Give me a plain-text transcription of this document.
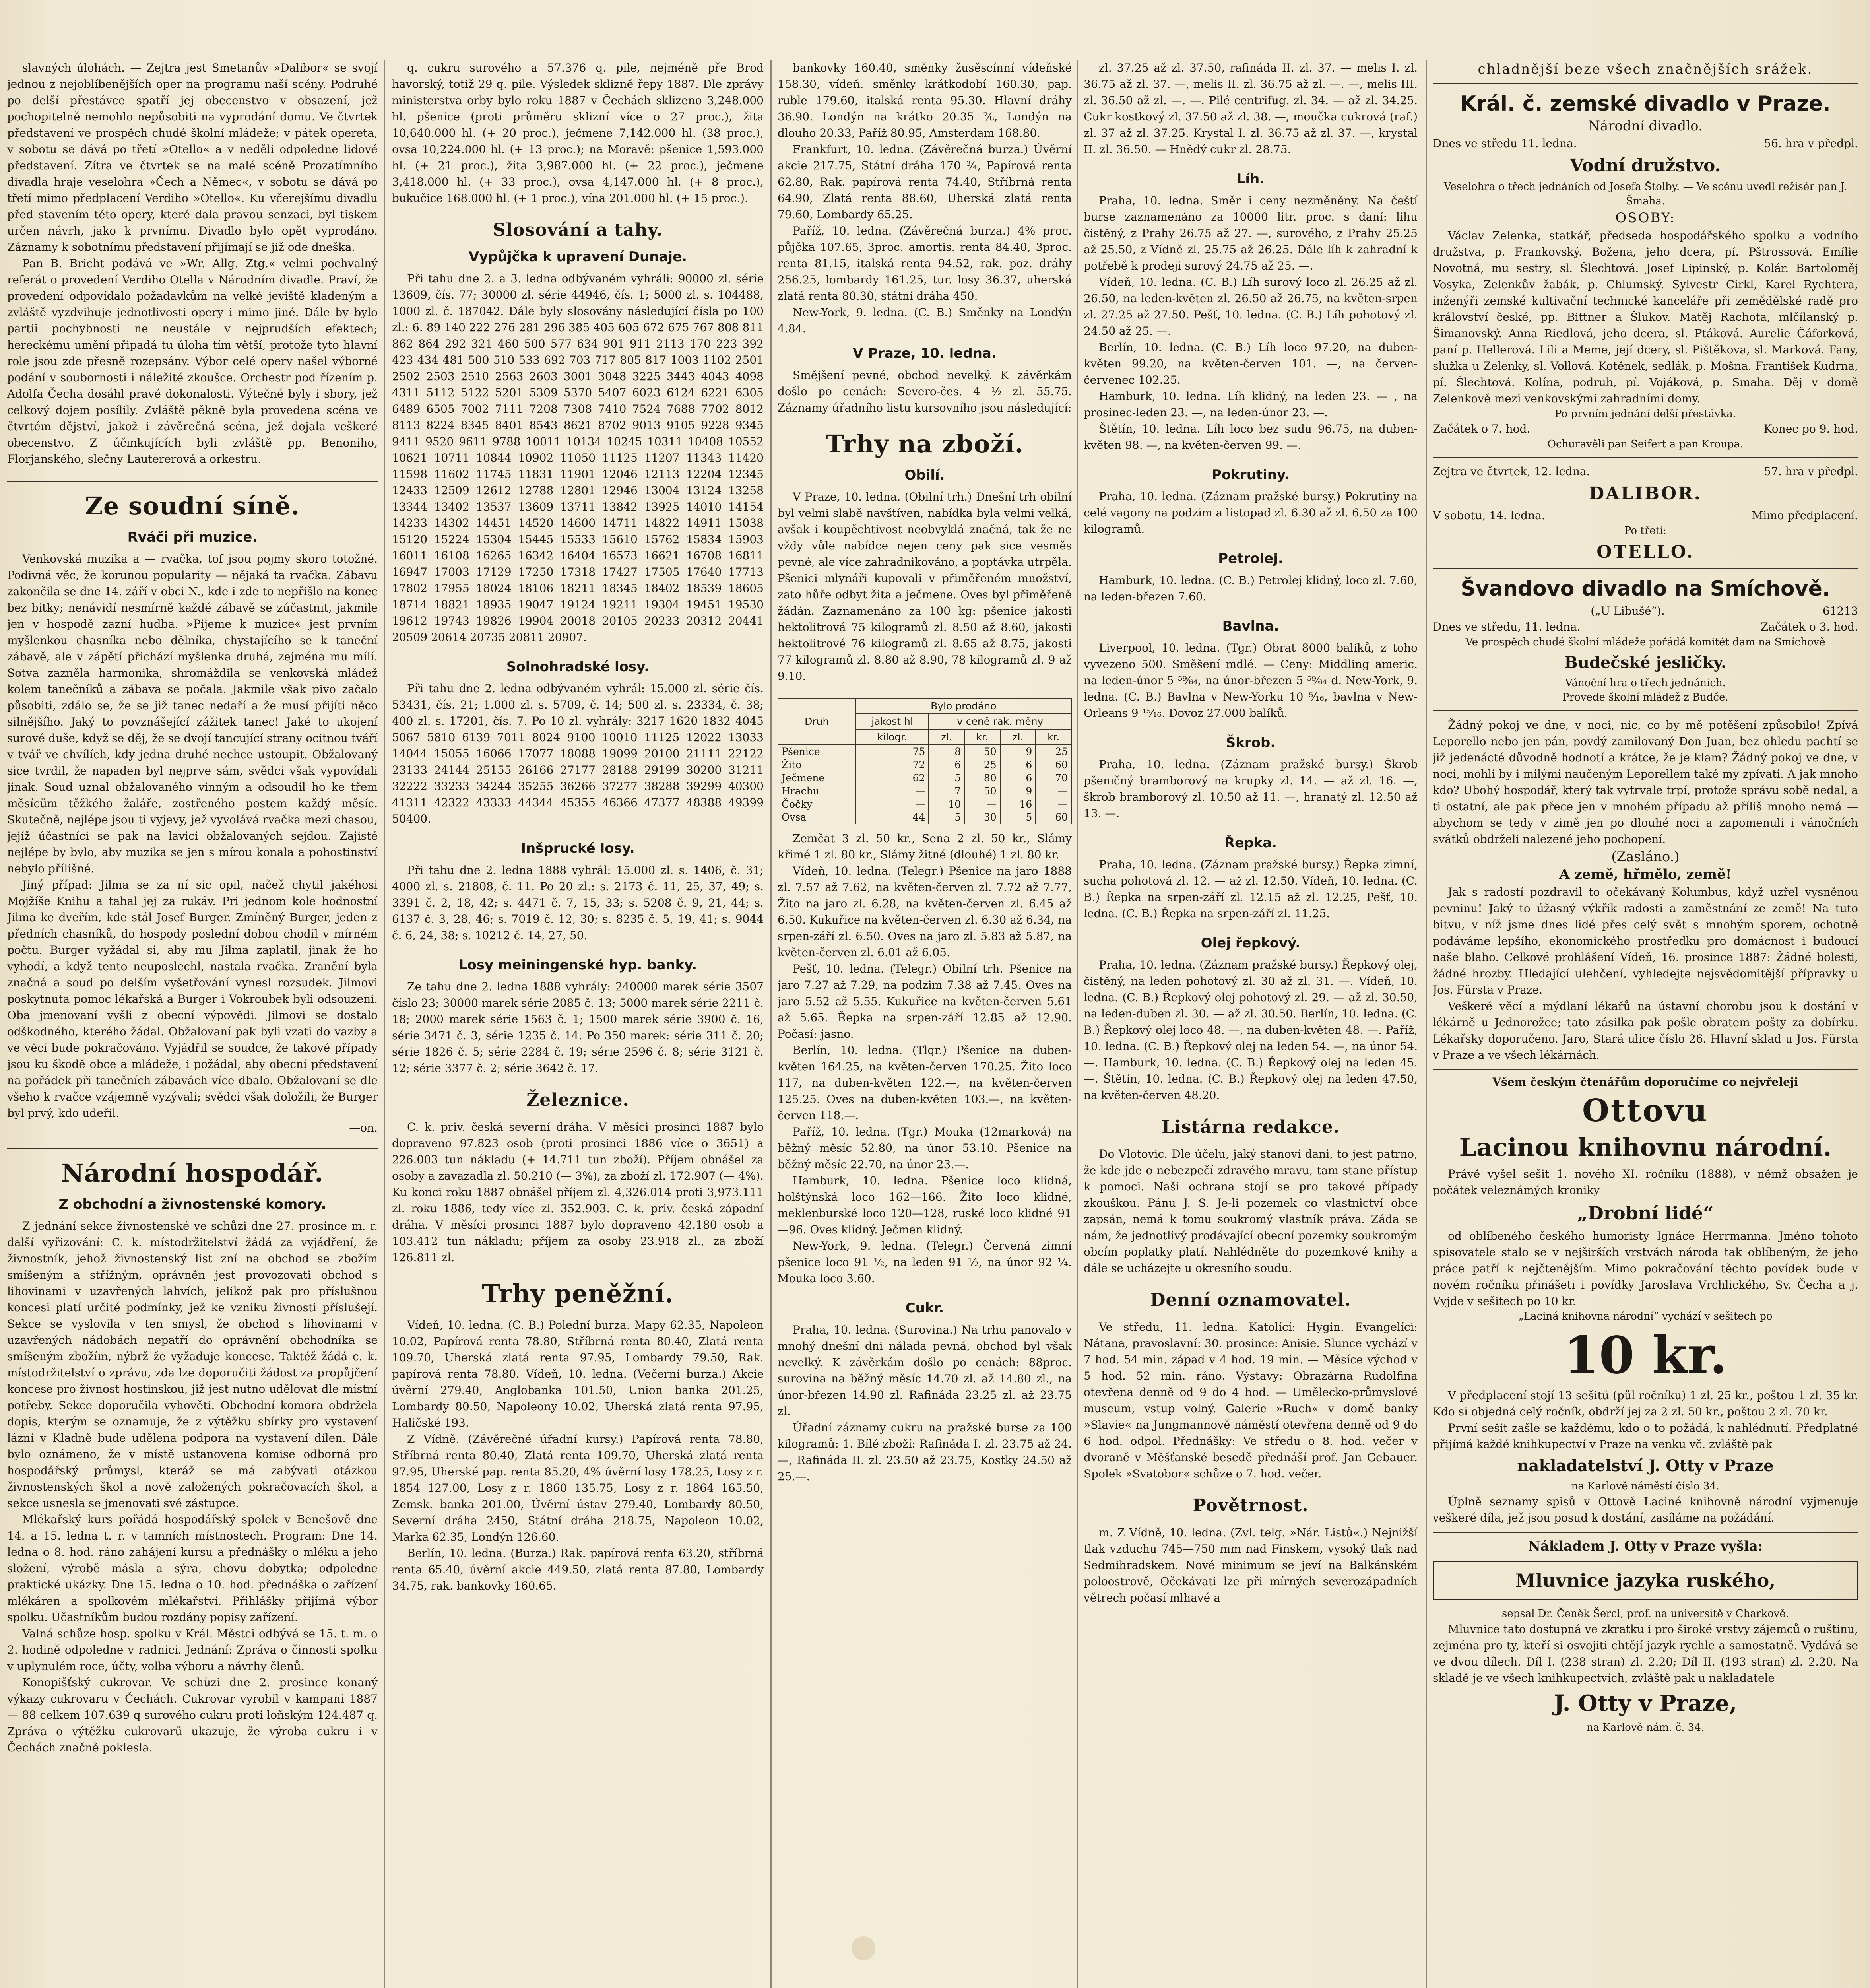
slavných úlohách. — Zejtra jest Smetanův »Dalibor« se svojí jednou z nejoblíbenějších oper na programu naší scény. Podruhé po delší přestávce spatří jej obecenstvo v obsazení, jež pochopitelně nemohlo nepůsobiti na vyprodání domu. Ve čtvrtek představení ve prospěch chudé školní mládeže; v pátek opereta, v sobotu se dává po třetí »Otello« a v neděli odpoledne lidové představení. Zítra ve čtvrtek se na malé scéně Prozatímního divadla hraje veselohra »Čech a Němec«, v sobotu se dává po třetí mimo předplacení Verdiho »Otello«. Ku včerejšímu divadlu před stavením této opery, které dala pravou senzaci, byl tiskem určen návrh, jako k prvnímu. Divadlo bylo opět vyprodáno. Záznamy k sobotnímu představení přijímají se již ode dneška.

Pan B. Bricht podává ve »Wr. Allg. Ztg.« velmi pochvalný referát o provedení Verdiho Otella v Národním divadle. Praví, že provedení odpovídalo požadavkům na velké jeviště kladeným a zvláště vyzdvihuje jednotlivosti opery i mimo jiné. Dále by bylo partii pochybnosti ne neustále v nejprudších efektech; hereckému umění připadá tu úloha tím větší, protože tyto hlavní role jsou zde přesně rozepsány. Výbor celé opery našel výborné podání v soubornosti i náležité zkoušce. Orchestr pod řízením p. Adolfa Čecha dosáhl pravé dokonalosti. Výtečné byly i sbory, jež celkový dojem posílily. Zvláště pěkně byla provedena scéna ve čtvrtém dějství, jakož i závěrečná scéna, jež dojala veškeré obecenstvo. Z účinkujících byli zvláště pp. Benoniho, Florjanského, slečny Lautererová a orkestru.

Ze soudní síně.
Rváči při muzice.

Venkovská muzika a — rvačka, tof jsou pojmy skoro totožné. Podivná věc, že korunou popularity — nějaká ta rvačka. Zábavu zakončila se dne 14. září v obci N., kde i zde to nepřišlo na konec bez bitky; nenávidí nesmírně každé zábavě se zúčastnit, jakmile jen v hospodě zazní hudba. »Pijeme k muzice« jest prvním myšlenkou chasníka nebo dělníka, chystajícího se k taneční zábavě, ale v zápětí přichází myšlenka druhá, zejména mu mílí. Sotva zazněla harmonika, shromáždila se venkovská mládež kolem tanečníků a zábava se počala. Jakmile však pivo začalo působiti, zdálo se, že se již tanec nedaří a že musí přijíti něco silnějšího. Jaký to povznášející zážitek tanec! Jaké to ukojení surové duše, když se děj, že se dvojí tancující strany ocitnou tváří v tvář ve chvílích, kdy jedna druhé nechce ustoupit. Obžalovaný sice tvrdil, že napaden byl nejprve sám, svědci však vypovídali jinak. Soud uznal obžalovaného vinným a odsoudil ho ke třem měsícům těžkého žaláře, zostřeného postem každý měsíc. Skutečně, nejlépe jsou ti vyjevy, jež vyvolává rvačka mezi chasou, jejíž účastníci se pak na lavici obžalovaných sejdou. Zajisté nejlépe by bylo, aby muzika se jen s mírou konala a pohostinství nebylo přílišné.

Jiný případ: Jilma se za ní sic opil, načež chytil jakéhosi Mojžíše Knihu a tahal jej za rukáv. Pri jednom kole hodnostní Jilma ke dveřím, kde stál Josef Burger. Zmíněný Burger, jeden z předních chasníků, do hospody poslední dobou chodil v mírném počtu. Burger vyžádal si, aby mu Jilma zaplatil, jinak že ho vyhodí, a když tento neuposlechl, nastala rvačka. Zranění byla značná a soud po delším vyšetřování vynesl rozsudek. Jilmovi poskytnuta pomoc lékařská a Burger i Vokroubek byli odsouzeni. Oba jmenovaní vyšli z obecní výpovědi. Jilmovi se dostalo odškodného, kterého žádal. Obžalovaní pak byli vzati do vazby a ve věci bude pokračováno. Vyjádřil se soudce, že takové případy jsou ku škodě obce a mládeže, i požádal, aby obecní představení na pořádek při tanečních zábavách více dbalo. Obžalovaní se dle všeho k rvačce vzájemně vyzývali; svědci však doložili, že Burger byl prvý, kdo udeřil.

—on.
Národní hospodář.
Z obchodní a živnostenské komory.

Z jednání sekce živnostenské ve schůzi dne 27. prosince m. r. další vyřizování: C. k. místodržitelství žádá za vyjádření, že živnostník, jehož živnostenský list zní na obchod se zbožím smíšeným a střížným, oprávněn jest provozovati obchod s lihovinami v uzavřených lahvích, jelikož pak pro příslušnou koncesi platí určité podmínky, jež ke vzniku živnosti příslušejí. Sekce se vyslovila v ten smysl, že obchod s lihovinami v uzavřených nádobách nepatří do oprávnění obchodníka se smíšeným zbožím, nýbrž že vyžaduje koncese. Taktéž žádá c. k. místodržitelství o zprávu, zda lze doporučiti žádost za propůjčení koncese pro živnost hostinskou, již jest nutno udělovat dle místní potřeby. Sekce doporučila vyhověti. Obchodní komora obdržela dopis, kterým se oznamuje, že z výtěžku sbírky pro vystavení lázní v Kladně bude udělena podpora na vystavení dílen. Dále bylo oznámeno, že v místě ustanovena komise odborná pro hospodářský průmysl, kteráž se má zabývati otázkou živnostenských škol a nově založených pokračovacích škol, a sekce usnesla se jmenovati své zástupce.

Mlékařský kurs pořádá hospodářský spolek v Benešově dne 14. a 15. ledna t. r. v tamních místnostech. Program: Dne 14. ledna o 8. hod. ráno zahájení kursu a přednášky o mléku a jeho složení, výrobě másla a sýra, chovu dobytka; odpoledne praktické ukázky. Dne 15. ledna o 10. hod. přednáška o zařízení mlékáren a spolkovém mlékařství. Přihlášky přijímá výbor spolku. Účastníkům budou rozdány popisy zařízení.

Valná schůze hosp. spolku v Král. Městci odbývá se 15. t. m. o 2. hodině odpoledne v radnici. Jednání: Zpráva o činnosti spolku v uplynulém roce, účty, volba výboru a návrhy členů.

Konopišťský cukrovar. Ve schůzi dne 2. prosince konaný výkazy cukrovaru v Čechách. Cukrovar vyrobil v kampani 1887 — 88 celkem 107.639 q surového cukru proti loňským 124.487 q. Zpráva o výtěžku cukrovarů ukazuje, že výroba cukru i v Čechách značně poklesla.

q. cukru surového a 57.376 q. pile, nejméně pře Brod havorský, totiž 29 q. pile. Výsledek sklizně řepy 1887. Dle zprávy ministerstva orby bylo roku 1887 v Čechách sklizeno 3,248.000 hl. pšenice (proti průměru sklizní více o 27 proc.), žita 10,640.000 hl. (+ 20 proc.), ječmene 7,142.000 hl. (38 proc.), ovsa 10,224.000 hl. (+ 13 proc.); na Moravě: pšenice 1,593.000 hl. (+ 21 proc.), žita 3,987.000 hl. (+ 22 proc.), ječmene 3,418.000 hl. (+ 33 proc.), ovsa 4,147.000 hl. (+ 8 proc.), bukučice 168.000 hl. (+ 1 proc.), vína 201.000 hl. (+ 15 proc.).

Slosování a tahy.
Vypůjčka k upravení Dunaje.

Při tahu dne 2. a 3. ledna odbývaném vyhráli: 90000 zl. série 13609, čís. 77; 30000 zl. série 44946, čís. 1; 5000 zl. s. 104488, 1000 zl. č. 187042. Dále byly slosovány následující čísla po 100 zl.: 6. 89 140 222 276 281 296 385 405 605 672 675 767 808 811 862 864 292 321 460 500 577 634 901 911 2113 170 223 392 423 434 481 500 510 533 692 703 717 805 817 1003 1102 2501 2502 2503 2510 2563 2603 3001 3048 3225 3443 4043 4098 4311 5112 5122 5201 5309 5370 5407 6023 6124 6221 6305 6489 6505 7002 7111 7208 7308 7410 7524 7688 7702 8012 8113 8224 8345 8401 8543 8621 8702 9013 9105 9228 9345 9411 9520 9611 9788 10011 10134 10245 10311 10408 10552 10621 10711 10844 10902 11050 11125 11207 11343 11420 11598 11602 11745 11831 11901 12046 12113 12204 12345 12433 12509 12612 12788 12801 12946 13004 13124 13258 13344 13402 13537 13609 13711 13842 13925 14010 14154 14233 14302 14451 14520 14600 14711 14822 14911 15038 15120 15224 15304 15445 15533 15610 15762 15834 15903 16011 16108 16265 16342 16404 16573 16621 16708 16811 16947 17003 17129 17250 17318 17427 17505 17640 17713 17802 17955 18024 18106 18211 18345 18402 18539 18605 18714 18821 18935 19047 19124 19211 19304 19451 19530 19612 19743 19826 19904 20018 20105 20233 20312 20441 20509 20614 20735 20811 20907.

Solnohradské losy.

Při tahu dne 2. ledna odbývaném vyhrál: 15.000 zl. série čís. 53431, čís. 21; 1.000 zl. s. 5709, č. 14; 500 zl. s. 23334, č. 38; 400 zl. s. 17201, čís. 7. Po 10 zl. vyhrály: 3217 1620 1832 4045 5067 5810 6139 7011 8024 9100 10010 11125 12022 13033 14044 15055 16066 17077 18088 19099 20100 21111 22122 23133 24144 25155 26166 27177 28188 29199 30200 31211 32222 33233 34244 35255 36266 37277 38288 39299 40300 41311 42322 43333 44344 45355 46366 47377 48388 49399 50400.

Inšprucké losy.

Při tahu dne 2. ledna 1888 vyhrál: 15.000 zl. s. 1406, č. 31; 4000 zl. s. 21808, č. 11. Po 20 zl.: s. 2173 č. 11, 25, 37, 49; s. 3391 č. 2, 18, 42; s. 4471 č. 7, 15, 33; s. 5208 č. 9, 21, 44; s. 6137 č. 3, 28, 46; s. 7019 č. 12, 30; s. 8235 č. 5, 19, 41; s. 9044 č. 6, 24, 38; s. 10212 č. 14, 27, 50.

Losy meiningenské hyp. banky.

Ze tahu dne 2. ledna 1888 vyhrály: 240000 marek série 3507 číslo 23; 30000 marek série 2085 č. 13; 5000 marek série 2211 č. 18; 2000 marek série 1563 č. 1; 1500 marek série 3900 č. 16, série 3471 č. 3, série 1235 č. 14. Po 350 marek: série 311 č. 20; série 1826 č. 5; série 2284 č. 19; série 2596 č. 8; série 3121 č. 12; série 3377 č. 2; série 3642 č. 17.

Železnice.

C. k. priv. česká severní dráha. V měsíci prosinci 1887 bylo dopraveno 97.823 osob (proti prosinci 1886 více o 3651) a 226.003 tun nákladu (+ 14.711 tun zboží). Příjem obnášel za osoby a zavazadla zl. 50.210 (— 3%), za zboží zl. 172.907 (— 4%). Ku konci roku 1887 obnášel příjem zl. 4,326.014 proti 3,973.111 zl. roku 1886, tedy více zl. 352.903. C. k. priv. česká západní dráha. V měsíci prosinci 1887 bylo dopraveno 42.180 osob a 103.412 tun nákladu; příjem za osoby 23.918 zl., za zboží 126.811 zl.

Trhy peněžní.

Vídeň, 10. ledna. (C. B.) Polední burza. Mapy 62.35, Napoleon 10.02, Papírová renta 78.80, Stříbrná renta 80.40, Zlatá renta 109.70, Uherská zlatá renta 97.95, Lombardy 79.50, Rak. papírová renta 78.80. Vídeň, 10. ledna. (Večerní burza.) Akcie úvěrní 279.40, Anglobanka 101.50, Union banka 201.25, Lombardy 80.50, Napoleony 10.02, Uherská zlatá renta 97.95, Haličské 193.

Z Vídně. (Závěrečné úřadní kursy.) Papírová renta 78.80, Stříbrná renta 80.40, Zlatá renta 109.70, Uherská zlatá renta 97.95, Uherské pap. renta 85.20, 4% úvěrní losy 178.25, Losy z r. 1854 127.00, Losy z r. 1860 135.75, Losy z r. 1864 165.50, Zemsk. banka 201.00, Úvěrní ústav 279.40, Lombardy 80.50, Severní dráha 2450, Státní dráha 218.75, Napoleon 10.02, Marka 62.35, Londýn 126.60.

Berlín, 10. ledna. (Burza.) Rak. papírová renta 63.20, stříbrná renta 65.40, úvěrní akcie 449.50, zlatá renta 87.80, Lombardy 34.75, rak. bankovky 160.65.

bankovky 160.40, směnky žusěscínní vídeňské 158.30, vídeň. směnky krátkodobí 160.30, pap. ruble 179.60, italská renta 95.30. Hlavní dráhy 36.90. Londýn na krátko 20.35 ⅞, Londýn na dlouho 20.33, Paříž 80.95, Amsterdam 168.80.

Frankfurt, 10. ledna. (Závěrečná burza.) Úvěrní akcie 217.75, Státní dráha 170 ¾, Papírová renta 62.80, Rak. papírová renta 74.40, Stříbrná renta 64.90, Zlatá renta 88.60, Uherská zlatá renta 79.60, Lombardy 65.25.

Paříž, 10. ledna. (Závěrečná burza.) 4% proc. půjčka 107.65, 3proc. amortis. renta 84.40, 3proc. renta 81.15, italská renta 94.52, rak. poz. dráhy 256.25, lombardy 161.25, tur. losy 36.37, uherská zlatá renta 80.30, státní dráha 450.

New-York, 9. ledna. (C. B.) Směnky na Londýn 4.84.

V Praze, 10. ledna.

Smějšení pevné, obchod nevelký. K závěrkám došlo po cenách: Severo-čes. 4 ½ zl. 55.75. Záznamy úřadního listu kursovního jsou následující:

Trhy na zboží.
Obilí.

V Praze, 10. ledna. (Obilní trh.) Dnešní trh obilní byl velmi slabě navštíven, nabídka byla velmi velká, avšak i koupěchtivost neobvyklá značná, tak že ne vždy vůle nabídce nejen ceny pak sice vesměs pevné, ale více zahradnikováno, a poptávka utrpěla. Pšenici mlynáři kupovali v přiměřeném množství, zato hůře odbyt žita a ječmene. Oves byl přiměřeně žádán. Zaznamenáno za 100 kg: pšenice jakosti hektolitrová 75 kilogramů zl. 8.50 až 8.60, jakosti hektolitrové 76 kilogramů zl. 8.65 až 8.75, jakosti 77 kilogramů zl. 8.80 až 8.90, 78 kilogramů zl. 9 až 9.10.

Druh	Bylo prodáno				
	jakost hl	v ceně rak. měny			
	kilogr.	zl.	kr.	zl.	kr.
Pšenice	75	8	50	9	25
Žito	72	6	25	6	60
Ječmene	62	5	80	6	70
Hrachu	—	7	50	9	—
Čočky	—	10	—	16	—
Ovsa	44	5	30	5	60

Zemčat 3 zl. 50 kr., Sena 2 zl. 50 kr., Slámy křimé 1 zl. 80 kr., Slámy žitné (dlouhé) 1 zl. 80 kr.

Vídeň, 10. ledna. (Telegr.) Pšenice na jaro 1888 zl. 7.57 až 7.62, na květen-červen zl. 7.72 až 7.77, Žito na jaro zl. 6.28, na květen-červen zl. 6.45 až 6.50. Kukuřice na květen-červen zl. 6.30 až 6.34, na srpen-září zl. 6.50. Oves na jaro zl. 5.83 až 5.87, na květen-červen zl. 6.01 až 6.05.

Pešť, 10. ledna. (Telegr.) Obilní trh. Pšenice na jaro 7.27 až 7.29, na podzim 7.38 až 7.45. Oves na jaro 5.52 až 5.55. Kukuřice na květen-červen 5.61 až 5.65. Řepka na srpen-září 12.85 až 12.90. Počasí: jasno.

Berlín, 10. ledna. (Tlgr.) Pšenice na duben-květen 164.25, na květen-červen 170.25. Žito loco 117, na duben-květen 122.—, na květen-červen 125.25. Oves na duben-květen 103.—, na květen-červen 118.—.

Paříž, 10. ledna. (Tgr.) Mouka (12marková) na běžný měsíc 52.80, na únor 53.10. Pšenice na běžný měsíc 22.70, na únor 23.—.

Hamburk, 10. ledna. Pšenice loco klidná, holštýnská loco 162—166. Žito loco klidné, meklenburské loco 120—128, ruské loco klidné 91—96. Oves klidný. Ječmen klidný.

New-York, 9. ledna. (Telegr.) Červená zimní pšenice loco 91 ½, na leden 91 ½, na únor 92 ¼. Mouka loco 3.60.

Cukr.

Praha, 10. ledna. (Surovina.) Na trhu panovalo v mnohý dnešní dni nálada pevná, obchod byl však nevelký. K závěrkám došlo po cenách: 88proc. surovina na běžný měsíc 14.70 zl. až 14.80 zl., na únor-březen 14.90 zl. Rafináda 23.25 zl. až 23.75 zl.

Úřadní záznamy cukru na pražské burse za 100 kilogramů: 1. Bílé zboží: Rafináda I. zl. 23.75 až 24.—, Rafináda II. zl. 23.50 až 23.75, Kostky 24.50 až 25.—.

zl. 37.25 až zl. 37.50, rafináda II. zl. 37. — melis I. zl. 36.75 až zl. 37. —, melis II. zl. 36.75 až zl. —. —, melis III. zl. 36.50 až zl. —. —. Pilé centrifug. zl. 34. — až zl. 34.25. Cukr kostkový zl. 37.50 až zl. 38. —, moučka cukrová (raf.) zl. 37 až zl. 37.25. Krystal I. zl. 36.75 až zl. 37. —, krystal II. zl. 36.50. — Hnědý cukr zl. 28.75.

Líh.

Praha, 10. ledna. Směr i ceny nezměněny. Na čeští burse zaznamenáno za 10000 litr. proc. s daní: lihu čistěný, z Prahy 26.75 až 27. —, surového, z Prahy 25.25 až 25.50, z Vídně zl. 25.75 až 26.25. Dále líh k zahradní k potřebě k prodeji surový 24.75 až 25. —.

Vídeň, 10. ledna. (C. B.) Líh surový loco zl. 26.25 až zl. 26.50, na leden-květen zl. 26.50 až 26.75, na květen-srpen zl. 27.25 až 27.50. Pešť, 10. ledna. (C. B.) Líh pohotový zl. 24.50 až 25. —.

Berlín, 10. ledna. (C. B.) Líh loco 97.20, na duben-květen 99.20, na květen-červen 101. —, na červen-červenec 102.25.

Hamburk, 10. ledna. Líh klidný, na leden 23. — , na prosinec-leden 23. —, na leden-únor 23. —.

Štětín, 10. ledna. Líh loco bez sudu 96.75, na duben-květen 98. —, na květen-červen 99. —.

Pokrutiny.

Praha, 10. ledna. (Záznam pražské bursy.) Pokrutiny na celé vagony na podzim a listopad zl. 6.30 až zl. 6.50 za 100 kilogramů.

Petrolej.

Hamburk, 10. ledna. (C. B.) Petrolej klidný, loco zl. 7.60, na leden-březen 7.60.

Bavlna.

Liverpool, 10. ledna. (Tgr.) Obrat 8000 balíků, z toho vyvezeno 500. Směšení mdlé. — Ceny: Middling americ. na leden-únor 5 ⁵⁹⁄₆₄, na únor-březen 5 ⁵⁹⁄₆₄ d. New-York, 9. ledna. (C. B.) Bavlna v New-Yorku 10 ⁵⁄₁₆, bavlna v New-Orleans 9 ¹⁵⁄₁₆. Dovoz 27.000 balíků.

Škrob.

Praha, 10. ledna. (Záznam pražské bursy.) Škrob pšeničný bramborový na krupky zl. 14. — až zl. 16. —, škrob bramborový zl. 10.50 až 11. —, hranatý zl. 12.50 až 13. —.

Řepka.

Praha, 10. ledna. (Záznam pražské bursy.) Řepka zimní, sucha pohotová zl. 12. — až zl. 12.50. Vídeň, 10. ledna. (C. B.) Řepka na srpen-září zl. 12.15 až zl. 12.25, Pešť, 10. ledna. (C. B.) Řepka na srpen-září zl. 11.25.

Olej řepkový.

Praha, 10. ledna. (Záznam pražské bursy.) Řepkový olej, čistěný, na leden pohotový zl. 30 až zl. 31. —. Vídeň, 10. ledna. (C. B.) Řepkový olej pohotový zl. 29. — až zl. 30.50, na leden-duben zl. 30. — až zl. 30.50. Berlín, 10. ledna. (C. B.) Řepkový olej loco 48. —, na duben-květen 48. —. Paříž, 10. ledna. (C. B.) Řepkový olej na leden 54. —, na únor 54. —. Hamburk, 10. ledna. (C. B.) Řepkový olej na leden 45. —. Štětín, 10. ledna. (C. B.) Řepkový olej na leden 47.50, na květen-červen 48.20.

Listárna redakce.

Do Vlotovic. Dle účelu, jaký stanoví dani, to jest patrno, že kde jde o nebezpečí zdravého mravu, tam stane přístup k pomoci. Naši ochrana stojí se pro takové případy zkouškou. Pánu J. S. Je-li pozemek co vlastnictví obce zapsán, nemá k tomu soukromý vlastník práva. Záda se nám, že jednotlivý prodávající obecní pozemky soukromým obcím poplatky platí. Nahlédněte do pozemkové knihy a dále se ucházejte u okresního soudu.

Denní oznamovatel.

Ve středu, 11. ledna. Katolící: Hygin. Evangelíci: Nátana, pravoslavní: 30. prosince: Anisie. Slunce vychází v 7 hod. 54 min. západ v 4 hod. 19 min. — Měsíce východ v 5 hod. 52 min. ráno. Výstavy: Obrazárna Rudolfina otevřena denně od 9 do 4 hod. — Umělecko-průmyslové museum, vstup volný. Galerie »Ruch« v domě banky »Slavie« na Jungmannově náměstí otevřena denně od 9 do 6 hod. odpol. Přednášky: Ve středu o 8. hod. večer v dvoraně v Měšťanské besedě přednáší prof. Jan Gebauer. Spolek »Svatobor« schůze o 7. hod. večer.

Povětrnost.

m. Z Vídně, 10. ledna. (Zvl. telg. »Nár. Listů«.) Nejnižší tlak vzduchu 745—750 mm nad Finskem, vysoký tlak nad Sedmihradskem. Nové minimum se jeví na Balkánském poloostrově, Očekávati lze při mírných severozápadních větrech počasí mlhavé a

chladnější beze všech značnějších srážek.
Král. č. zemské divadlo v Praze.
Národní divadlo.
Dnes ve středu 11. ledna.	56. hra v předpl.
Vodní družstvo.
Veselohra o třech jednáních od Josefa Štolby. — Ve scénu uvedl režisér pan J. Šmaha.
OSOBY:

Václav Zelenka, statkář, předseda hospodářského spolku a vodního družstva, p. Frankovský. Božena, jeho dcera, pí. Pštrossová. Emílie Novotná, mu sestry, sl. Šlechtová. Josef Lipinský, p. Kolár. Bartoloměj Vosyka, Zelenkův žabák, p. Chlumský. Sylvestr Cirkl, Karel Rychtera, inženýři zemské kultivační technické kanceláře při zemědělské radě pro království české, pp. Bittner a Šlukov. Matěj Rachota, mlčílanský p. Šimanovský. Anna Riedlová, jeho dcera, sl. Ptáková. Aurelie Čáforková, paní p. Hellerová. Lili a Meme, její dcery, sl. Pištěkova, sl. Marková. Fany, služka u Zelenky, sl. Vollová. Kotěnek, sedlák, p. Mošna. František Kudrna, pí. Šlechtová. Kolína, podruh, pí. Vojáková, p. Smaha. Děj v domě Zelenkově mezi venkovskými zahradními domy.

Po prvním jednání delší přestávka.
Začátek o 7. hod.	Konec po 9. hod.
Ochuravěli pan Seifert a pan Kroupa.
Zejtra ve čtvrtek, 12. ledna.	57. hra v předpl.
DALIBOR.
V sobotu, 14. ledna.	Mimo předplacení.
Po třetí:
OTELLO.
Švandovo divadlo na Smíchově.
(„U Libušé“).	61213
Dnes ve středu, 11. ledna.	Začátek o 3. hod.
Ve prospěch chudé školní mládeže pořádá komitét dam na Smíchově
Budečské jesličky.
Vánoční hra o třech jednáních.
Provede školní mládež z Budče.

Žádný pokoj ve dne, v noci, nic, co by mě potěšení způsobilo! Zpívá Leporello nebo jen pán, povdý zamilovaný Don Juan, bez ohledu pachtí se již jedenácté důvodně hodnotí a krátce, že je klam? Žádný pokoj ve dne, v noci, mohli by i milými naučeným Leporellem také my zpívati. A jak mnoho kdo? Ubohý hospodář, který tak vytrvale trpí, protože správu sobě nedal, a ti ostatní, ale pak přece jen v mnohém případu až příliš mnoho nemá — abychom se tedy v zimě jen po dlouhé noci a zapomenuli i vánočních svátků obdrželi nalezené jeho pochopení.

(Zasláno.)
A země, hřmělo, země!

Jak s radostí pozdravil to očekávaný Kolumbus, když uzřel vysněnou pevninu! Jaký to úžasný výkřik radosti a zaměstnání ze země! Na tuto bitvu, v níž jsme dnes lidé přes celý svět s mnohým sporem, ochotně podáváme lepšího, ekonomického prostředku pro domácnost i budoucí naše blaho. Celkové prohlášení Vídeň, 16. prosince 1887: Žádné bolesti, žádné hrozby. Hledající ulehčení, vyhledejte nejsvědomitější přípravky u Jos. Fürsta v Praze.

Veškeré věcí a mýdlaní lékařů na ústavní chorobu jsou k dostání v lékárně u Jednorožce; tato zásilka pak pošle obratem pošty za dobírku. Lékařsky doporučeno. Jaro, Stará ulice číslo 26. Hlavní sklad u Jos. Fürsta v Praze a ve všech lékárnách.

Všem českým čtenářům doporučíme co nejvřeleji
Ottovu
Lacinou knihovnu národní.

Právě vyšel sešit 1. nového XI. ročníku (1888), v němž obsažen je počátek veleznámých kroniky

„Drobní lidé“

od oblíbeného českého humoristy Ignáce Herrmanna. Jméno tohoto spisovatele stalo se v nejširších vrstvách národa tak oblíbeným, že jeho práce patří k nejčtenějším. Mimo pokračování těchto povídek bude v novém ročníku přinášeti i povídky Jaroslava Vrchlického, Sv. Čecha a j. Vyjde v sešitech po 10 kr.

„Laciná knihovna národní“ vychází v sešitech po
10 kr.

V předplacení stojí 13 sešitů (půl ročníku) 1 zl. 25 kr., poštou 1 zl. 35 kr. Kdo si objedná celý ročník, obdrží jej za 2 zl. 50 kr., poštou 2 zl. 70 kr.

První sešit zašle se každému, kdo o to požádá, k nahlédnutí. Předplatné přijímá každé knihkupectví v Praze na venku vč. zvláště pak

nakladatelství J. Otty v Praze
na Karlově náměstí číslo 34.

Úplně seznamy spisů v Ottově Laciné knihovně národní vyjmenuje veškeré díla, jež jsou posud k dostání, zasíláme na požádání.

Nákladem J. Otty v Praze vyšla:
Mluvnice jazyka ruského,
sepsal Dr. Čeněk Šercl, prof. na universitě v Charkově.

Mluvnice tato dostupná ve zkratku i pro široké vrstvy zájemců o ruštinu, zejména pro ty, kteří si osvojiti chtějí jazyk rychle a samostatně. Vydává se ve dvou dílech. Díl I. (238 stran) zl. 2.20; Díl II. (193 stran) zl. 2.20. Na skladě je ve všech knihkupectvích, zvláště pak u nakladatele

J. Otty v Praze,
na Karlově nám. č. 34.
